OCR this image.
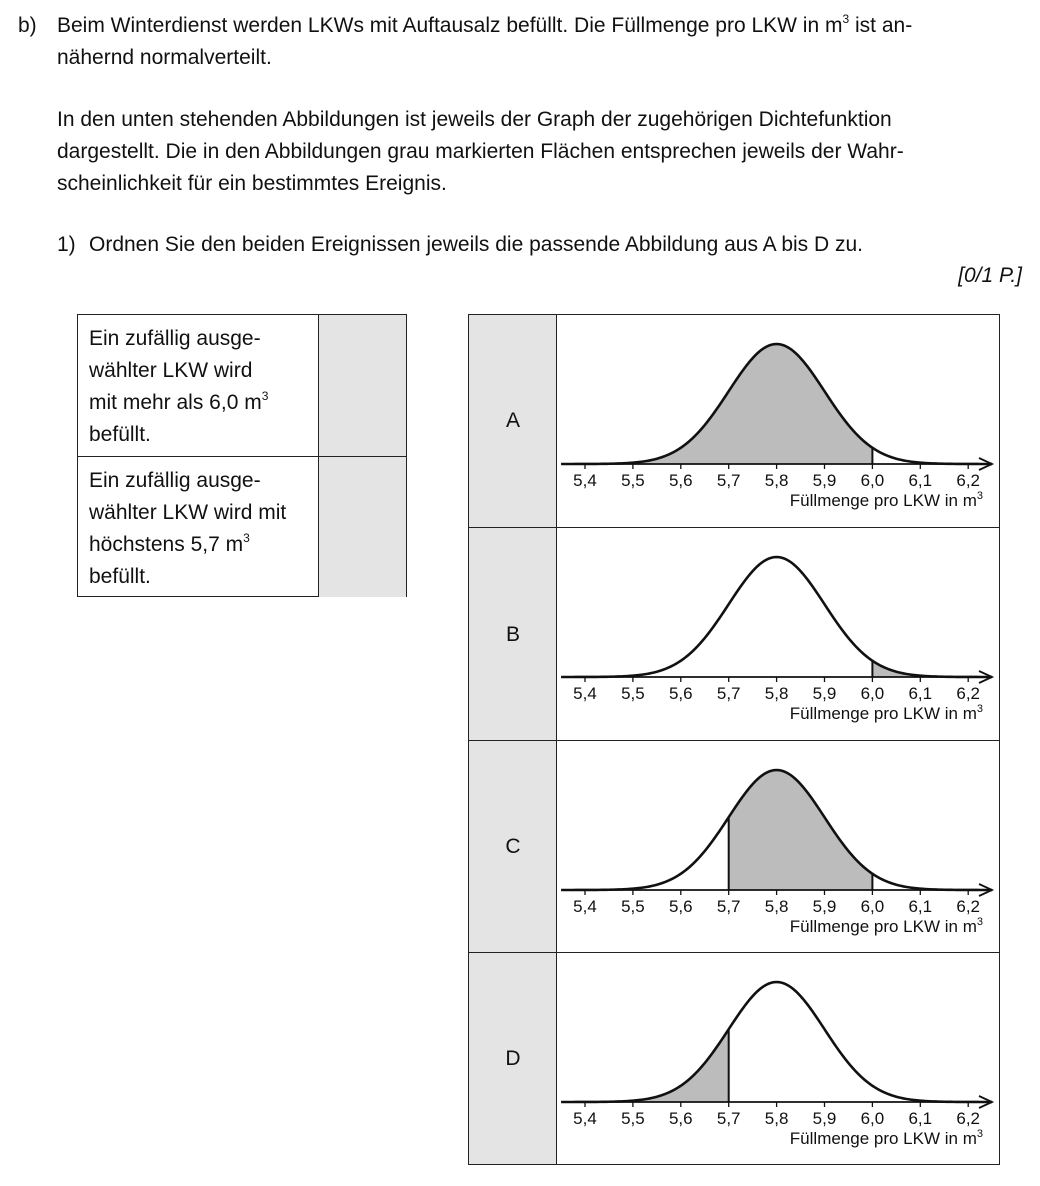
b) Beim Winterdienst werden LKWs mit Auftausalz befüllt. Die Füllmenge pro LKW in $m^3$ ist an-

nähernd normalverteilt.

In den unten stehenden Abbildungen ist jeweils der Graph der zugehörigen Dichtefunktion

dargestellt. Die in den Abbildungen grau markierten Flächen entsprechen jeweils der Wahr-

scheinlichkeit für ein bestimmtes Ereignis.

1) Ordnen Sie den beiden Ereignissen jeweils die passende Abbildung aus A bis D zu.
[0/1 P.]
Ein zufällig ausge-
wählter LKW wird
mit mehr als 6,0 $m^3$
befüllt.
Ein zufällig ausge-
wählter LKW wird mit
höchstens 5,7 $m^3$
befüllt.
A
5,4 5,5 5,6 5,7 5,8 5,9 6,0 6,1 6,2
Füllmenge pro LKW in $m^3$
B
5,4 5,5 5,6 5,7 5,8 5,9 6,0 6,1 6,2
Füllmenge pro LKW in $m^3$
C
5,4 5,5 5,6 5,7 5,8 5,9 6,0 6,1 6,2
Füllmenge pro LKW in $m^3$
D
5,4 5,5 5,6 5,7 5,8 5,9 6,0 6,1 6,2
Füllmenge pro LKW in $m^3$
